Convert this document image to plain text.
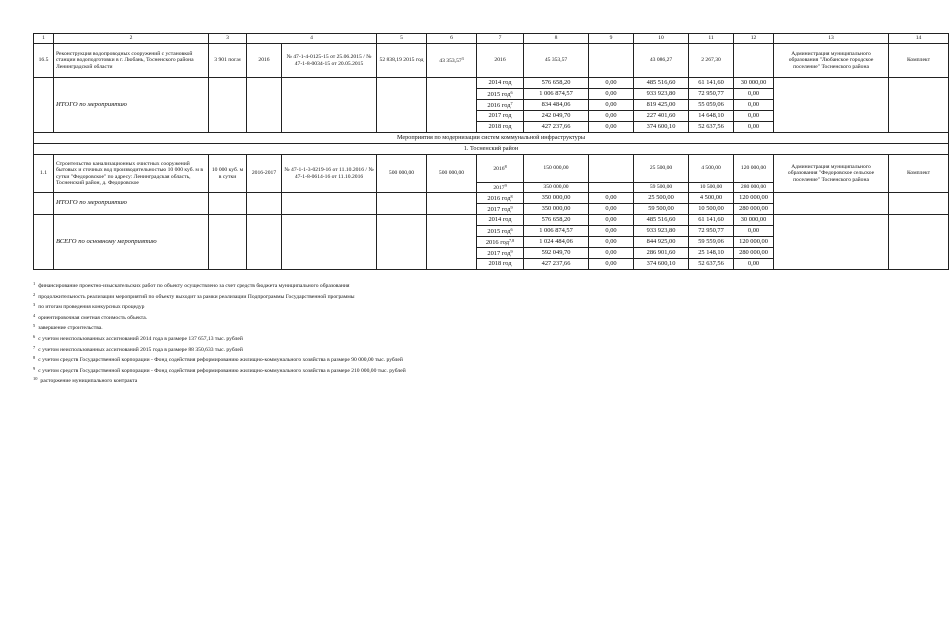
1	2	3	4		5	6	7	8	9	10	11	12	13	14
16.5	Реконструкция водопроводных сооружений с установкой станции водоподготовки в г. Любань, Тосненского района Ленинградской области	3 901 пог.м	2016	№ 47-1-4-0125-15 от 25.06.2015 / № 47-1-8-0034-15 от 20.05.2015	52 838,19 2015 год	43 353,57$^3$	2016	45 353,57		43 086,27	2 267,30		Администрация муниципального образования "Любанское городское поселение" Тосненского района	Комплект
	ИТОГО по мероприятию						2014 год	576 658,20	0,00	485 516,60	61 141,60	30 000,00		
							2015 год$^6$	1 006 874,57	0,00	933 923,80	72 950,77	0,00		
							2016 год$^7$	834 484,06	0,00	819 425,00	55 059,06	0,00		
							2017 год	242 049,70	0,00	227 401,60	14 648,10	0,00		
							2018 год	427 237,66	0,00	374 600,10	52 637,56	0,00		
Мероприятия по модернизации систем коммунальной инфраструктуры														
1. Тосненский район														
1.1	Строительство канализационных очистных сооружений бытовых и сточных вод производительностью 10 000 куб. м в сутки "Федоровское" по адресу: Ленинградская область, Тосненский район, д. Федоровское	10 000 куб. м в сутки	2016-2017	№ 47-1-1-3-0219-16 от 11.10.2016 / № 47-1-8-0614-16 от 11.10.2016	500 000,00	500 000,00	2016$^8$	150 000,00		25 500,00	4 500,00	120 000,00	Администрация муниципального образования "Федоровское сельское поселение" Тосненского района	Комплект
							2017$^9$	350 000,00		59 500,00	10 500,00	280 000,00		
	ИТОГО по мероприятию						2016 год$^8$	350 000,00	0,00	25 500,00	4 500,00	120 000,00		
							2017 год$^9$	350 000,00	0,00	59 500,00	10 500,00	280 000,00		
	ВСЕГО по основному мероприятию						2014 год	576 658,20	0,00	485 516,60	61 141,60	30 000,00		
							2015 год$^6$	1 006 874,57	0,00	933 923,80	72 950,77	0,00		
							2016 год$^{7,8}$	1 024 484,06	0,00	844 925,00	59 559,06	120 000,00		
							2017 год$^9$	592 049,70	0,00	286 901,60	25 148,10	280 000,00		
							2018 год	427 237,66	0,00	374 600,10	52 637,56	0,00		

$^1$ финансирование проектно-изыскательских работ по объекту осуществлено за счет средств бюджета муниципального образования

$^2$ продолжительность реализации мероприятий по объекту выходит за рамки реализации Подпрограммы Государственной программы

$^3$ по итогам проведения конкурсных процедур

$^4$ ориентировочная сметная стоимость объекта.

$^5$ завершение строительства.

$^6$ с учетом неиспользованных ассигнований 2014 года в размере 137 657,13 тыс. рублей

$^7$ с учетом неиспользованных ассигнований 2015 года в размере 88 350,633 тыс. рублей

$^8$ с учетом средств Государственной корпорации - Фонд содействия реформированию жилищно-коммунального хозяйства в размере 90 000,00 тыс. рублей

$^9$ с учетом средств Государственной корпорации - Фонд содействия реформированию жилищно-коммунального хозяйства в размере 210 000,00 тыс. рублей

$^{10}$ расторжение муниципального контракта
